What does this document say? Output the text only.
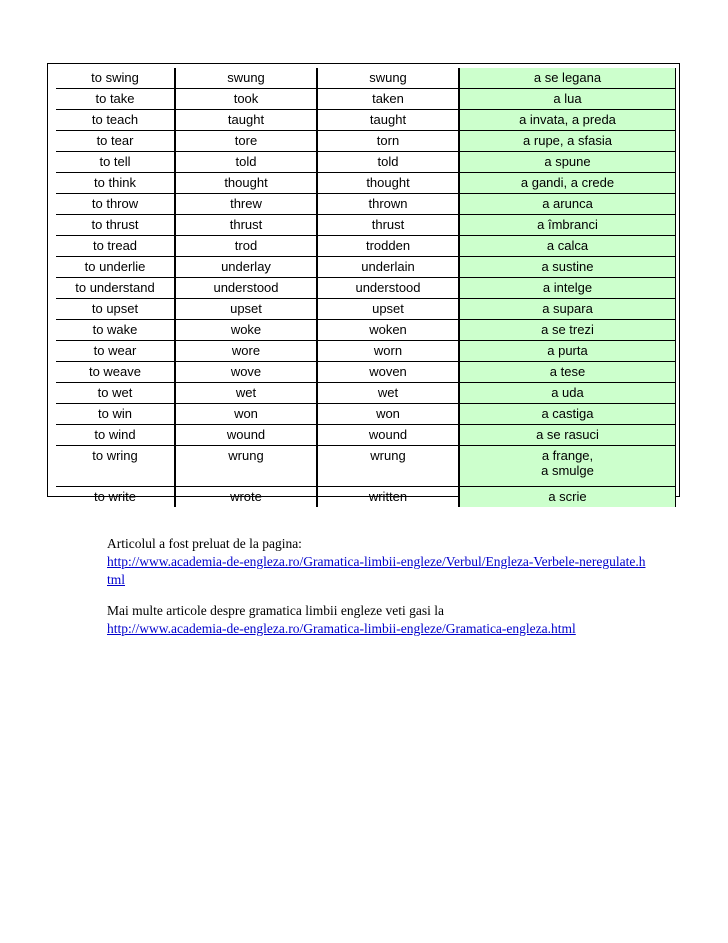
to swing	swung	swung	a se legana
to take	took	taken	a lua
to teach	taught	taught	a invata, a preda
to tear	tore	torn	a rupe, a sfasia
to tell	told	told	a spune
to think	thought	thought	a gandi, a crede
to throw	threw	thrown	a arunca
to thrust	thrust	thrust	a îmbranci
to tread	trod	trodden	a calca
to underlie	underlay	underlain	a sustine
to understand	understood	understood	a intelge
to upset	upset	upset	a supara
to wake	woke	woken	a se trezi
to wear	wore	worn	a purta
to weave	wove	woven	a tese
to wet	wet	wet	a uda
to win	won	won	a castiga
to wind	wound	wound	a se rasuci
to wring	wrung	wrung	a frange,
a smulge

to write	wrote	written	a scrie

Articolul a fost preluat de la pagina:
http://www.academia-de-engleza.ro/Gramatica-limbii-engleze/Verbul/Engleza-Verbele-neregulate.html

Mai multe articole despre gramatica limbii engleze veti gasi la
http://www.academia-de-engleza.ro/Gramatica-limbii-engleze/Gramatica-engleza.html
